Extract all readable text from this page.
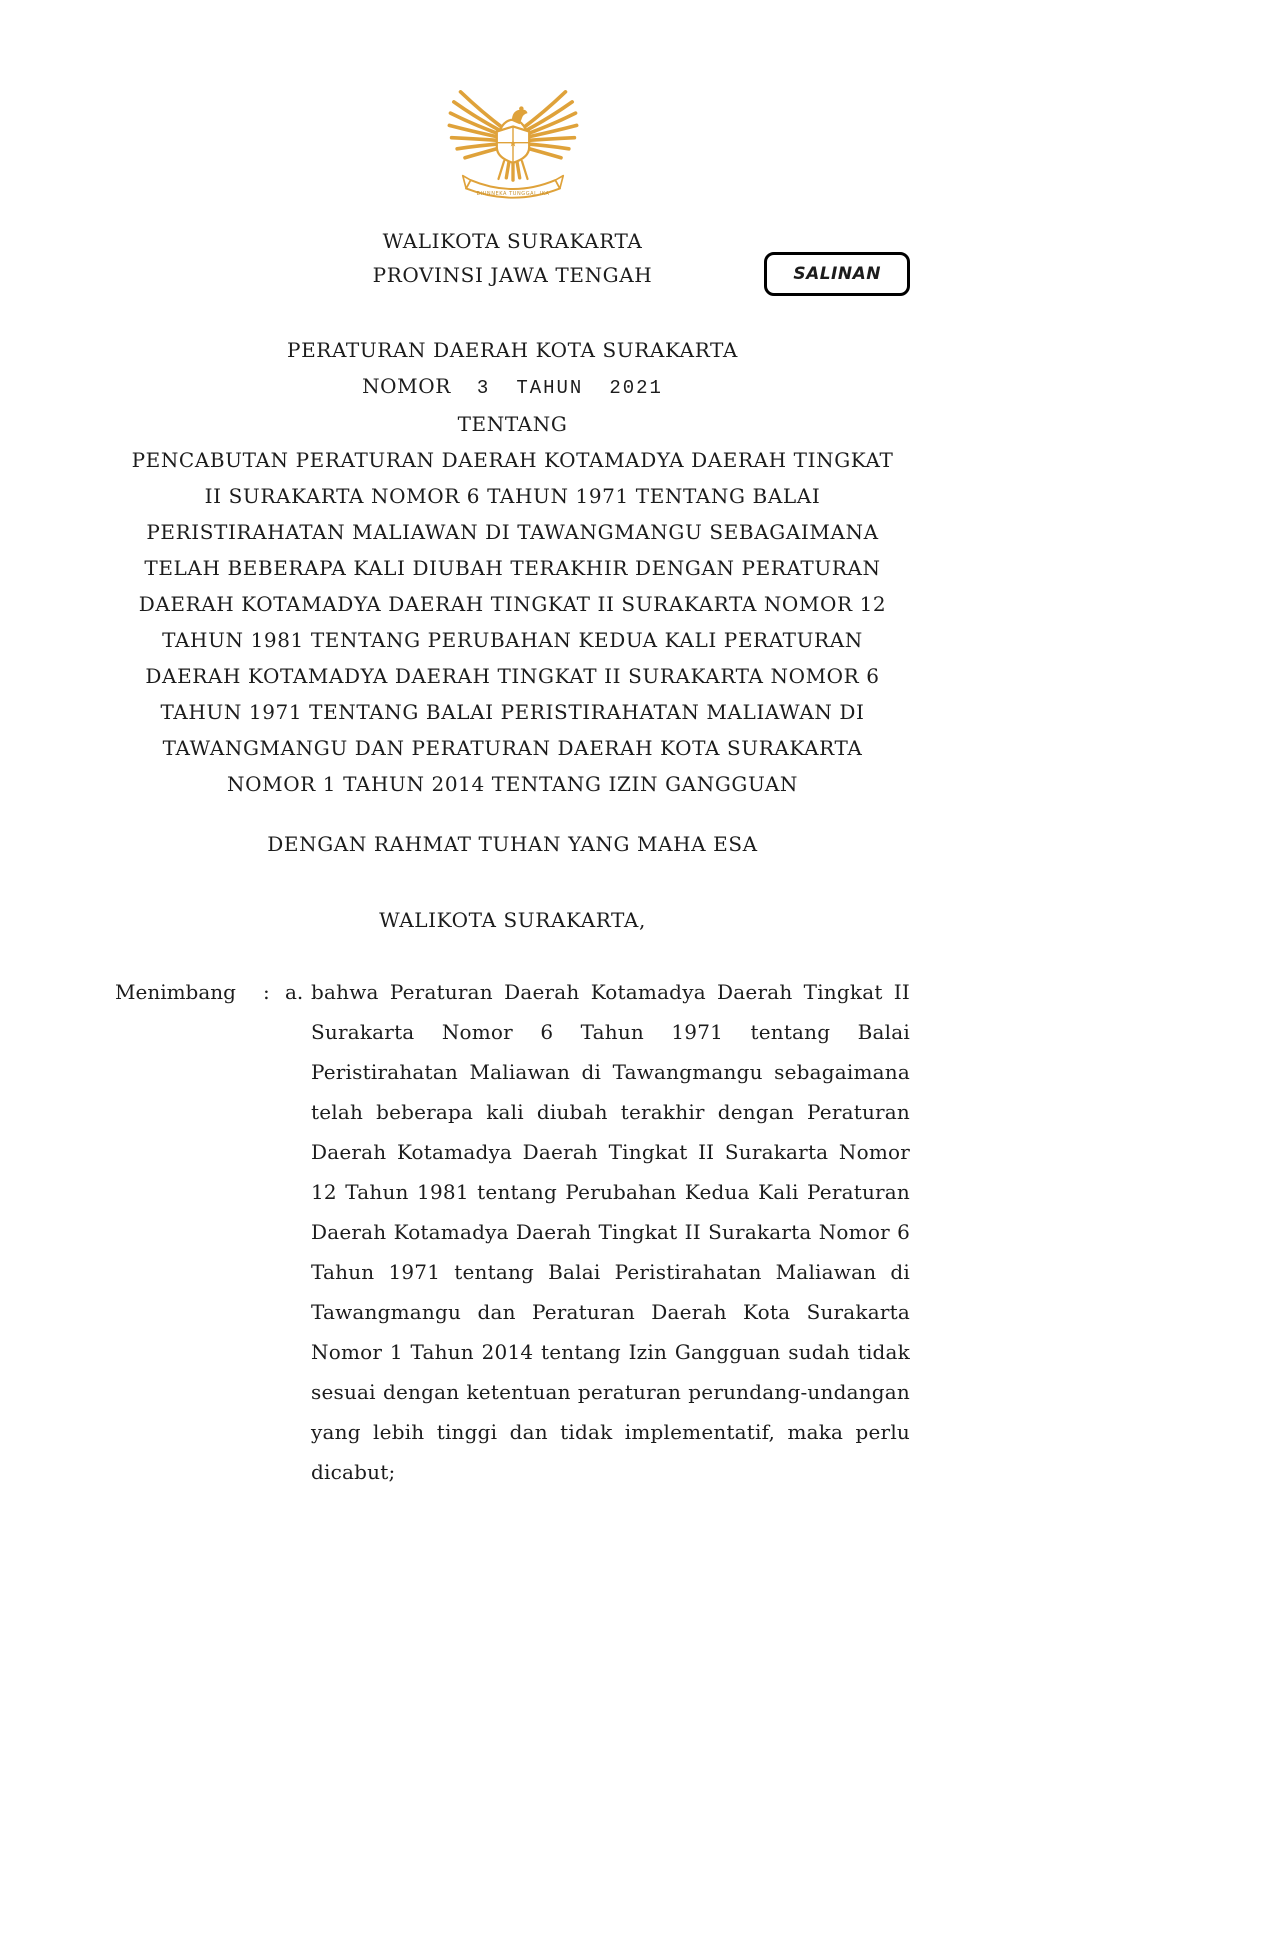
★
BHINNEKA TUNGGAL IKA
WALIKOTA SURAKARTA
PROVINSI JAWA TENGAH	SALINAN
PERATURAN DAERAH KOTA SURAKARTA
NOMOR 3 TAHUN 2021
TENTANG
PENCABUTAN PERATURAN DAERAH KOTAMADYA DAERAH TINGKAT II SURAKARTA NOMOR 6 TAHUN 1971 TENTANG BALAI PERISTIRAHATAN MALIAWAN DI TAWANGMANGU SEBAGAIMANA TELAH BEBERAPA KALI DIUBAH TERAKHIR DENGAN PERATURAN DAERAH KOTAMADYA DAERAH TINGKAT II SURAKARTA NOMOR 12 TAHUN 1981 TENTANG PERUBAHAN KEDUA KALI PERATURAN DAERAH KOTAMADYA DAERAH TINGKAT II SURAKARTA NOMOR 6 TAHUN 1971 TENTANG BALAI PERISTIRAHATAN MALIAWAN DI TAWANGMANGU DAN PERATURAN DAERAH KOTA SURAKARTA NOMOR 1 TAHUN 2014 TENTANG IZIN GANGGUAN
DENGAN RAHMAT TUHAN YANG MAHA ESA
WALIKOTA SURAKARTA,
Menimbang	: a. bahwa Peraturan Daerah Kotamadya Daerah Tingkat II Surakarta Nomor 6 Tahun 1971 tentang Balai Peristirahatan Maliawan di Tawangmangu sebagaimana telah beberapa kali diubah terakhir dengan Peraturan Daerah Kotamadya Daerah Tingkat II Surakarta Nomor 12 Tahun 1981 tentang Perubahan Kedua Kali Peraturan Daerah Kotamadya Daerah Tingkat II Surakarta Nomor 6 Tahun 1971 tentang Balai Peristirahatan Maliawan di Tawangmangu dan Peraturan Daerah Kota Surakarta Nomor 1 Tahun 2014 tentang Izin Gangguan sudah tidak sesuai dengan ketentuan peraturan perundang-undangan yang lebih tinggi dan tidak implementatif, maka perlu dicabut;
